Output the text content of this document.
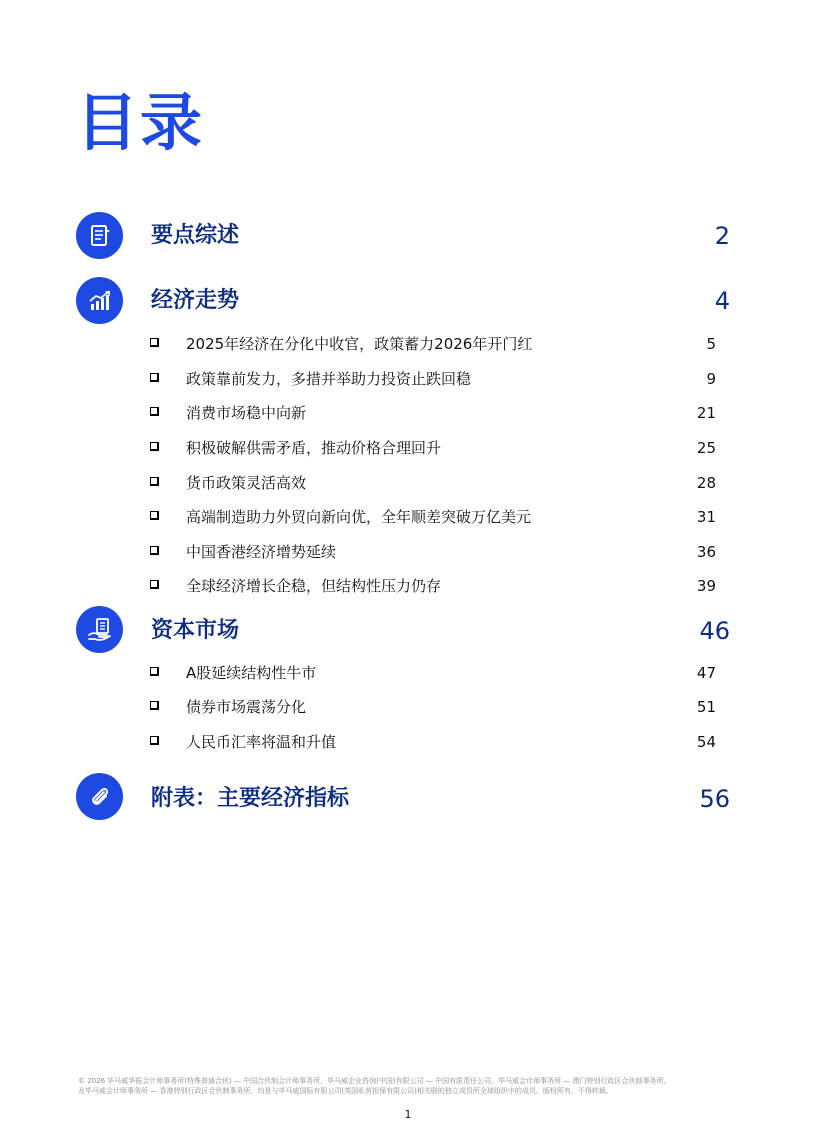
目录
要点综述	2
经济走势	4
2025年经济在分化中收官，政策蓄力2026年开门红	5
政策靠前发力，多措并举助力投资止跌回稳	9
消费市场稳中向新	21
积极破解供需矛盾，推动价格合理回升	25
货币政策灵活高效	28
高端制造助力外贸向新向优，全年顺差突破万亿美元	31
中国香港经济增势延续	36
全球经济增长企稳，但结构性压力仍存	39
资本市场	46
A股延续结构性牛市	47
债券市场震荡分化	51
人民币汇率将温和升值	54
附表：主要经济指标	56
© 2026 毕马威华振会计师事务所(特殊普通合伙) — 中国合伙制会计师事务所，毕马威企业咨询(中国)有限公司 — 中国有限责任公司，毕马威会计师事务所 — 澳门特别行政区合伙制事务所，
及毕马威会计师事务所 — 香港特别行政区合伙制事务所，均是与毕马威国际有限公司(英国私营担保有限公司)相关联的独立成员所全球组织中的成员。版权所有，不得转载。
1
